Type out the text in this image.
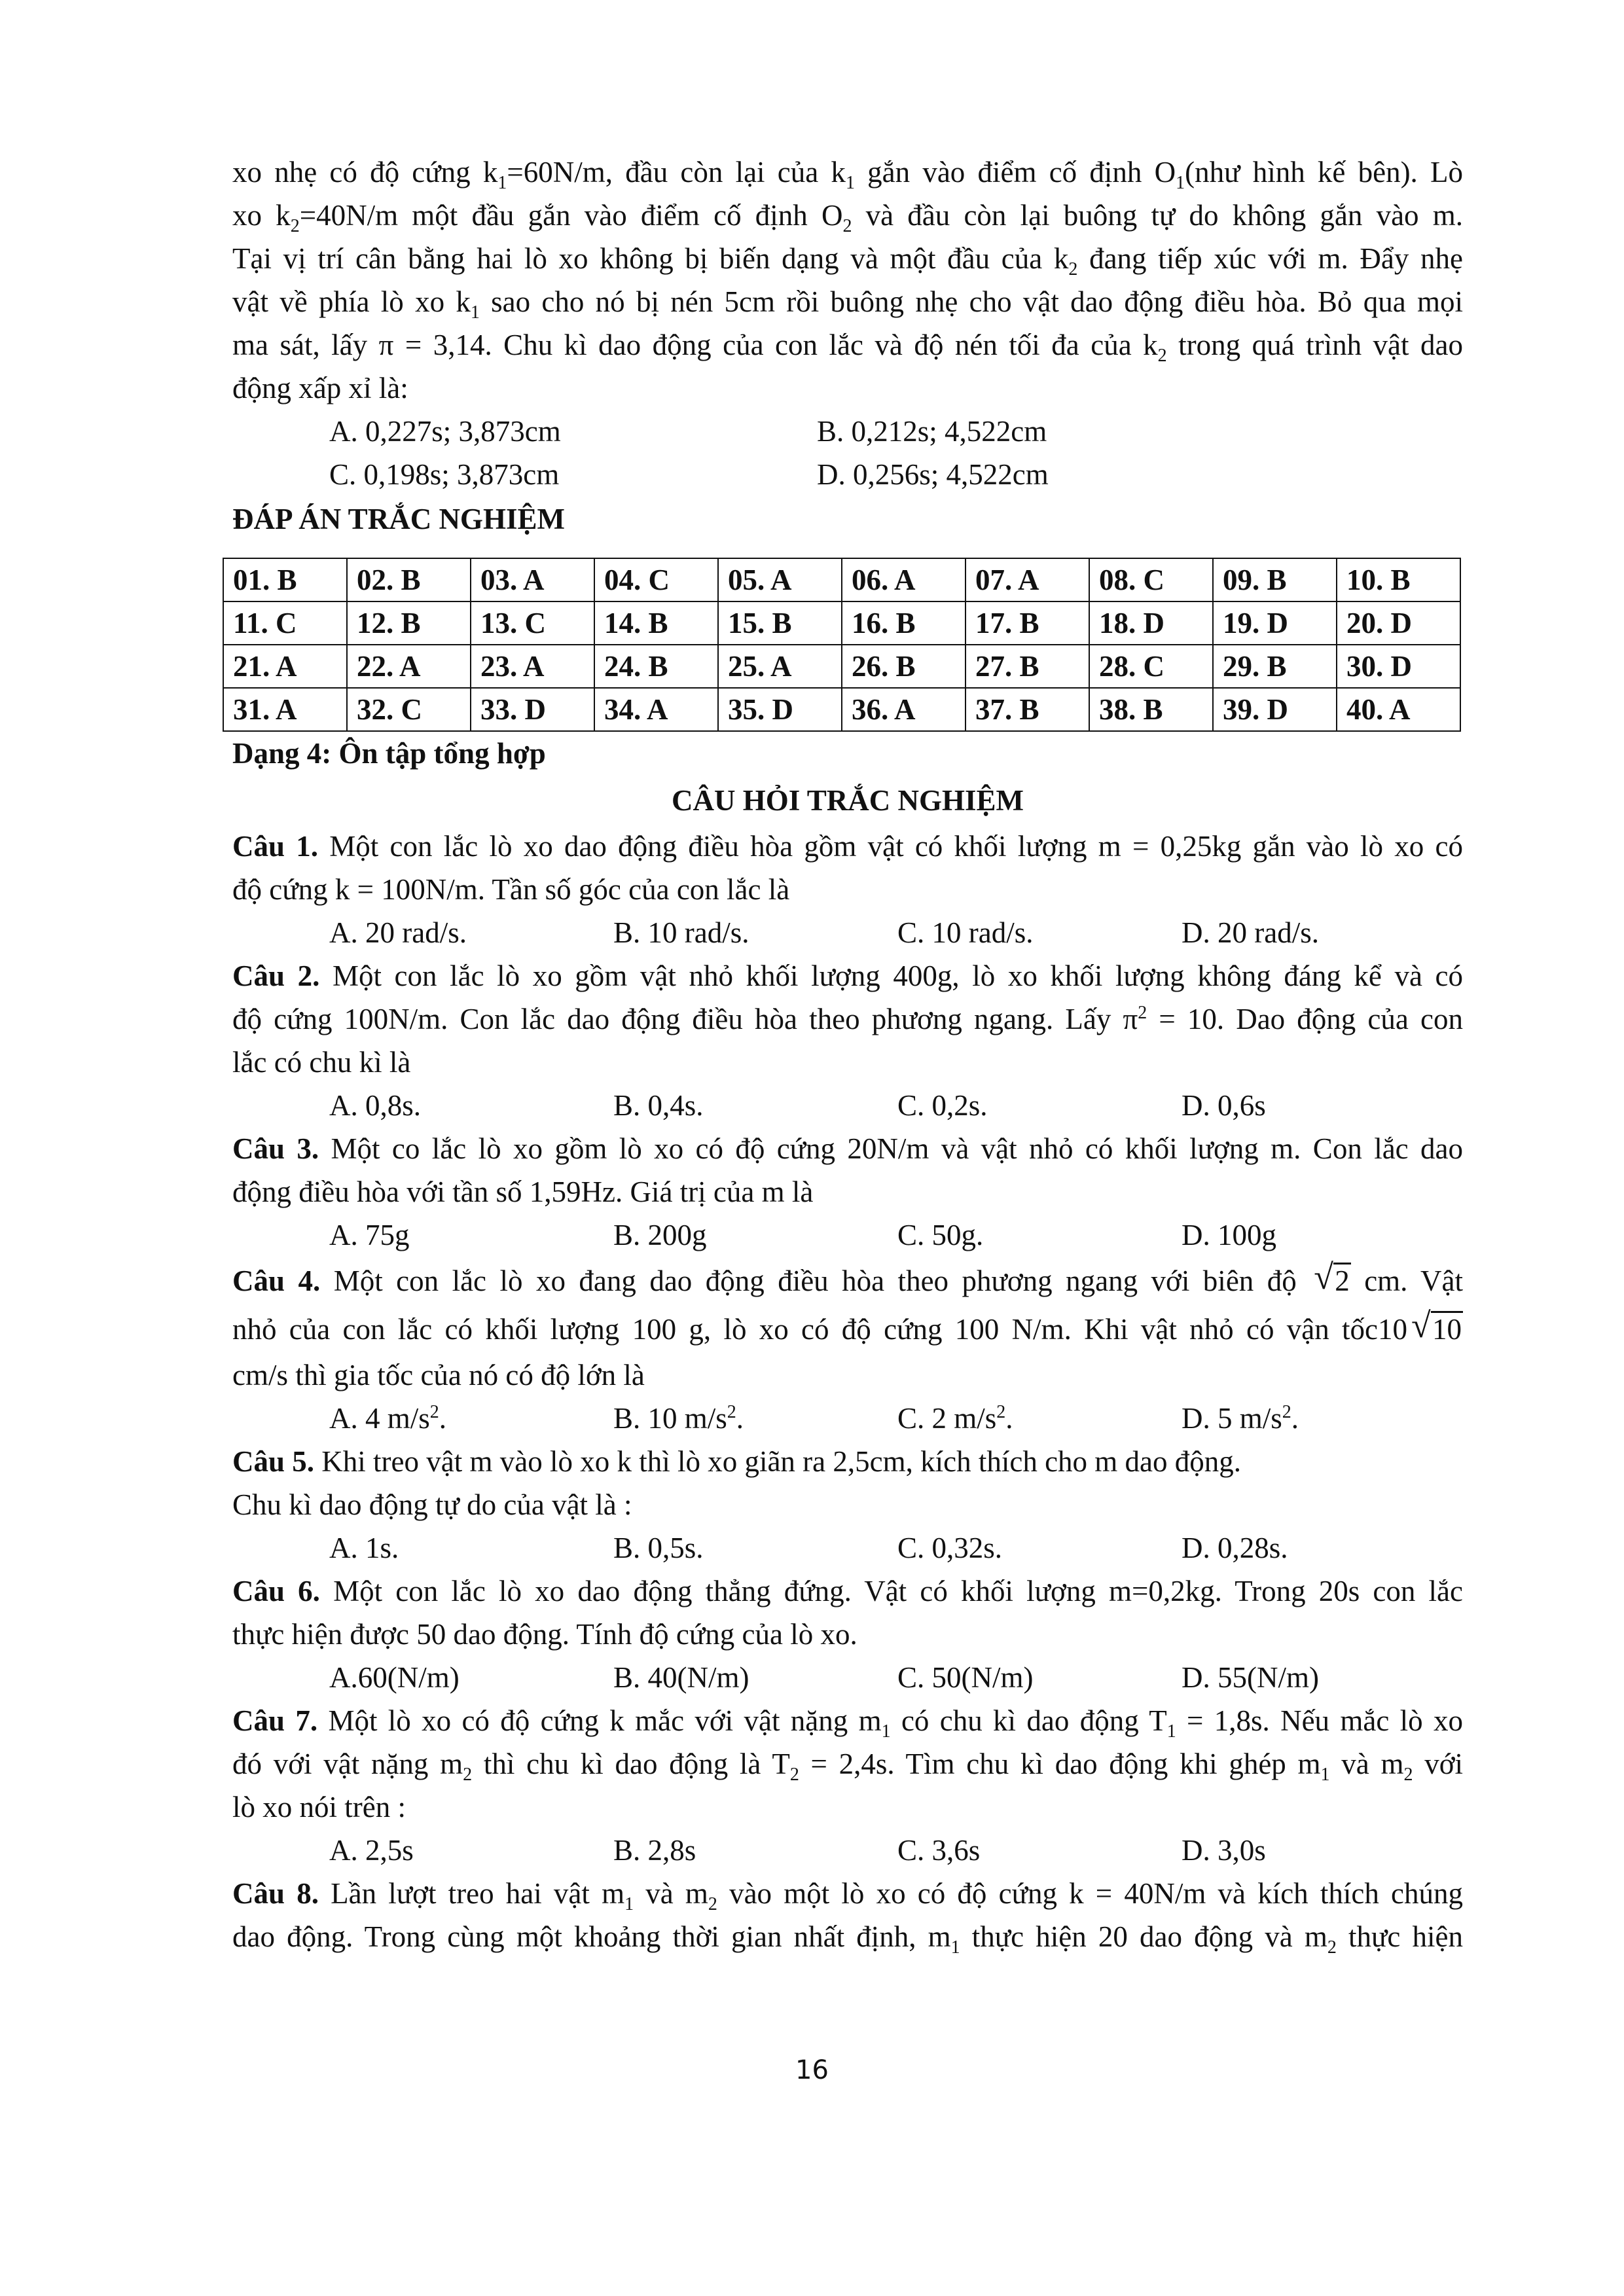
xo nhẹ có độ cứng $k_1=60N/m$, đầu còn lại của $k_1$ gắn vào điểm cố định $O_1(như$ hình kế bên). Lò

xo $k_2=40N/m$ một đầu gắn vào điểm cố định $O_2$ và đầu còn lại buông tự do không gắn vào m.

Tại vị trí cân bằng hai lò xo không bị biến dạng và một đầu của $k_2$ đang tiếp xúc với m. Đẩy nhẹ

vật về phía lò xo $k_1$ sao cho nó bị nén 5cm rồi buông nhẹ cho vật dao động điều hòa. Bỏ qua mọi

ma sát, lấy π = 3,14. Chu kì dao động của con lắc và độ nén tối đa của $k_2$ trong quá trình vật dao

động xấp xỉ là:

A. 0,227s; 3,873cm	B. 0,212s; 4,522cm
C. 0,198s; 3,873cm	D. 0,256s; 4,522cm

ĐÁP ÁN TRẮC NGHIỆM

01. B	02. B	03. A	04. C	05. A	06. A	07. A	08. C	09. B	10. B
11. C	12. B	13. C	14. B	15. B	16. B	17. B	18. D	19. D	20. D
21. A	22. A	23. A	24. B	25. A	26. B	27. B	28. C	29. B	30. D
31. A	32. C	33. D	34. A	35. D	36. A	37. B	38. B	39. D	40. A

Dạng 4: Ôn tập tổng hợp

CÂU HỎI TRẮC NGHIỆM

Câu 1. Một con lắc lò xo dao động điều hòa gồm vật có khối lượng m = 0,25kg gắn vào lò xo có

độ cứng k = 100N/m. Tần số góc của con lắc là

A. 20 rad/s.	B. 10 rad/s.	C. 10 rad/s.	D. 20 rad/s.

Câu 2. Một con lắc lò xo gồm vật nhỏ khối lượng 400g, lò xo khối lượng không đáng kể và có

độ cứng 100N/m. Con lắc dao động điều hòa theo phương ngang. Lấy $\pi^2 = 10$. Dao động của con

lắc có chu kì là

A. 0,8s.	B. 0,4s.	C. 0,2s.	D. 0,6s

Câu 3. Một co lắc lò xo gồm lò xo có độ cứng 20N/m và vật nhỏ có khối lượng m. Con lắc dao

động điều hòa với tần số 1,59Hz. Giá trị của m là

A. 75g	B. 200g	C. 50g.	D. 100g

Câu 4. Một con lắc lò xo đang dao động điều hòa theo phương ngang với biên độ √ 2 cm. Vật

nhỏ của con lắc có khối lượng 100 g, lò xo có độ cứng 100 N/m. Khi vật nhỏ có vận tốc10 √ 10

cm/s thì gia tốc của nó có độ lớn là

A. 4 $m/s^2$.	B. 10 $m/s^2$.	C. 2 $m/s^2$.	D. 5 $m/s^2$.

Câu 5. Khi treo vật m vào lò xo k thì lò xo giãn ra 2,5cm, kích thích cho m dao động.

Chu kì dao động tự do của vật là :

A. 1s.	B. 0,5s.	C. 0,32s.	D. 0,28s.

Câu 6. Một con lắc lò xo dao động thẳng đứng. Vật có khối lượng m=0,2kg. Trong 20s con lắc

thực hiện được 50 dao động. Tính độ cứng của lò xo.

A.60(N/m)	B. 40(N/m)	C. 50(N/m)	D. 55(N/m)

Câu 7. Một lò xo có độ cứng k mắc với vật nặng $m_1$ có chu kì dao động $T_1 = 1,8s$. Nếu mắc lò xo

đó với vật nặng $m_2$ thì chu kì dao động là $T_2 = 2,4s$. Tìm chu kì dao động khi ghép $m_1$ và $m_2$ với

lò xo nói trên :

A. 2,5s	B. 2,8s	C. 3,6s	D. 3,0s

Câu 8. Lần lượt treo hai vật $m_1$ và $m_2$ vào một lò xo có độ cứng k = 40N/m và kích thích chúng

dao động. Trong cùng một khoảng thời gian nhất định, $m_1$ thực hiện 20 dao động và $m_2$ thực hiện

16
